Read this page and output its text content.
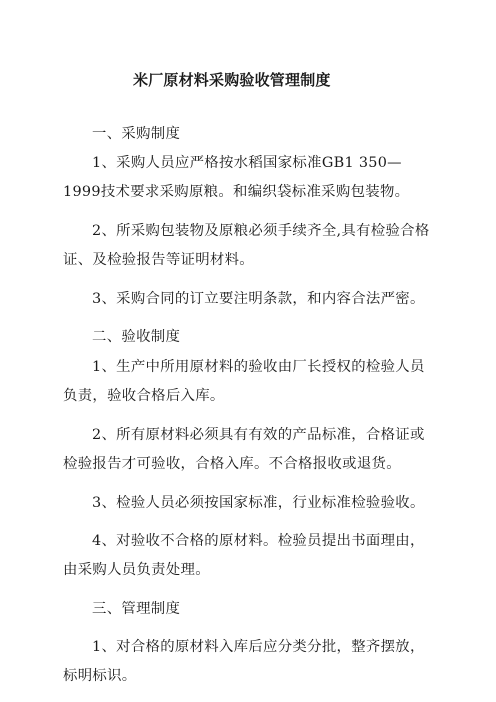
米厂原材料采购验收管理制度

一、采购制度

1、采购人员应严格按水稻国家标准GB1 350—1999技术要求采购原粮。和编织袋标准采购包装物。

2、所采购包装物及原粮必须手续齐全,具有检验合格证、及检验报告等证明材料。

3、采购合同的订立要注明条款，和内容合法严密。

二、验收制度

1、生产中所用原材料的验收由厂长授权的检验人员负责，验收合格后入库。

2、所有原材料必须具有有效的产品标准，合格证或检验报告才可验收，合格入库。不合格报收或退货。

3、检验人员必须按国家标准，行业标准检验验收。

4、对验收不合格的原材料。检验员提出书面理由，由采购人员负责处理。

三、管理制度

1、对合格的原材料入库后应分类分批，整齐摆放，标明标识。
